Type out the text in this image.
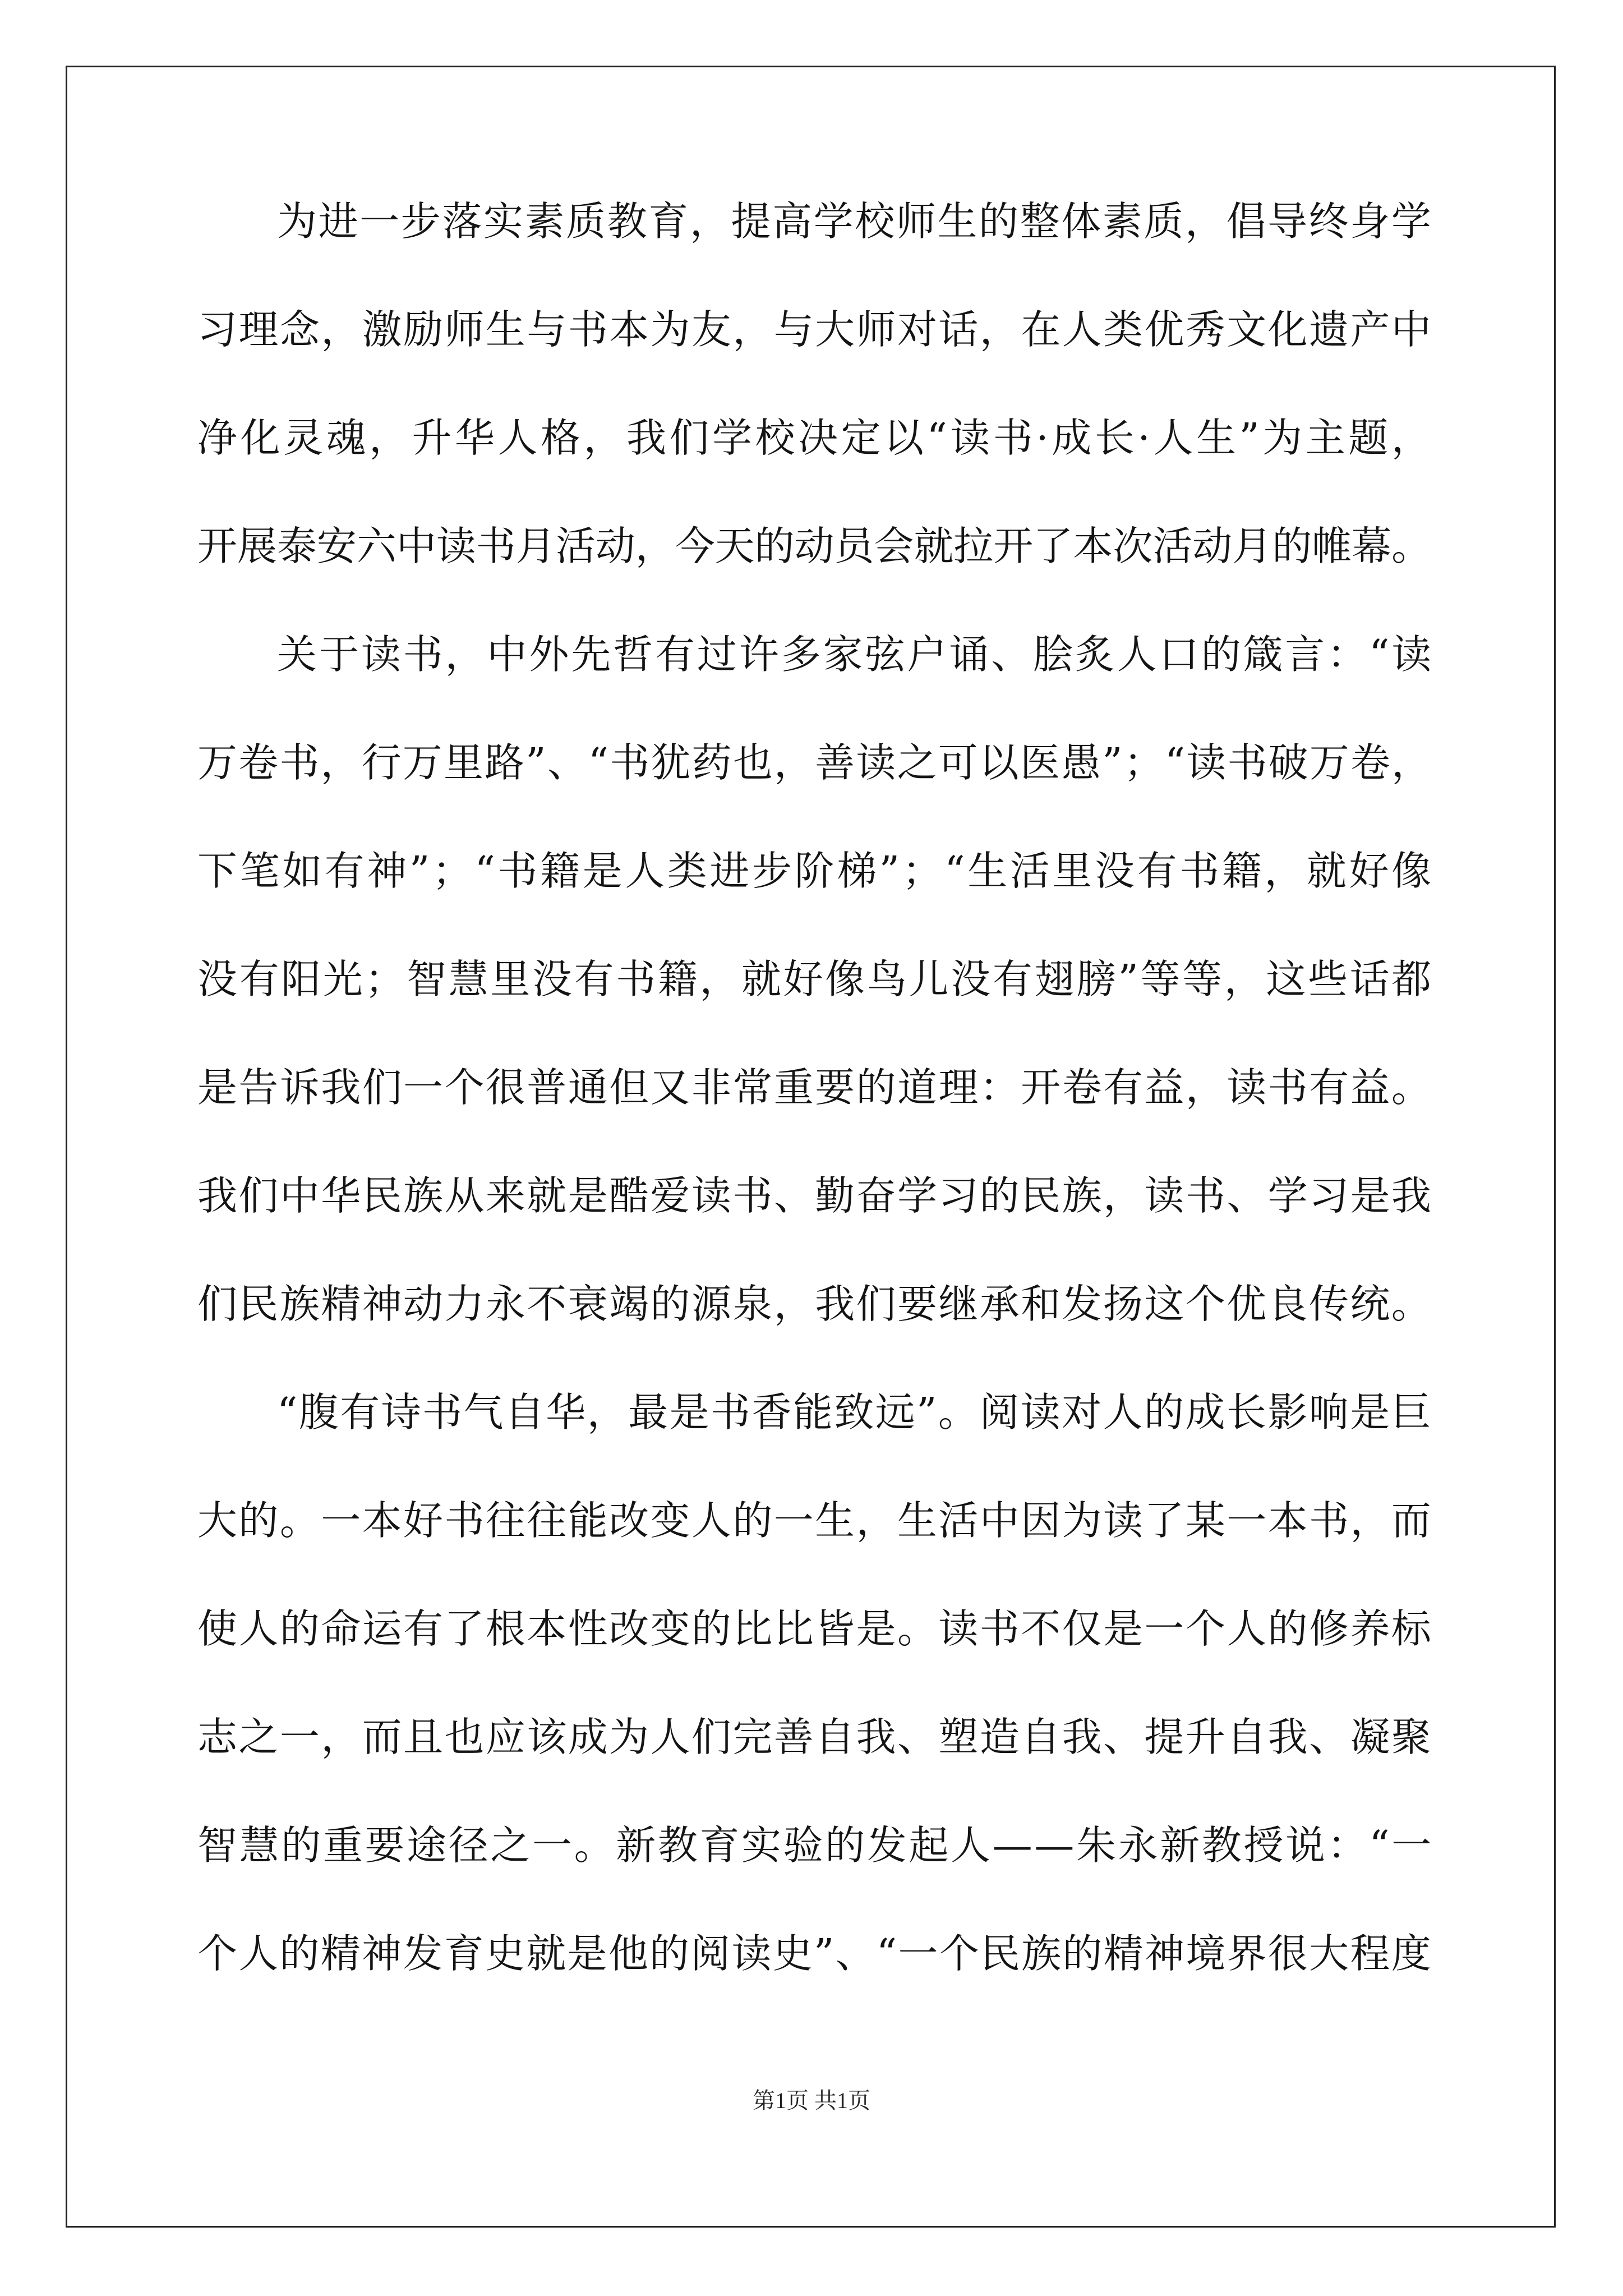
为进一步落实素质教育，提高学校师生的整体素质，倡导终身学
习理念，激励师生与书本为友，与大师对话，在人类优秀文化遗产中
净化灵魂，升华人格，我们学校决定以“读书·成长·人生”为主题，
开展泰安六中读书月活动，今天的动员会就拉开了本次活动月的帷幕。
关于读书，中外先哲有过许多家弦户诵、脍炙人口的箴言：“读
万卷书，行万里路”、“书犹药也，善读之可以医愚”；“读书破万卷，
下笔如有神”；“书籍是人类进步阶梯”；“生活里没有书籍，就好像
没有阳光；智慧里没有书籍，就好像鸟儿没有翅膀”等等，这些话都
是告诉我们一个很普通但又非常重要的道理：开卷有益，读书有益。
我们中华民族从来就是酷爱读书、勤奋学习的民族，读书、学习是我
们民族精神动力永不衰竭的源泉，我们要继承和发扬这个优良传统。
“腹有诗书气自华，最是书香能致远”。阅读对人的成长影响是巨
大的。一本好书往往能改变人的一生，生活中因为读了某一本书，而
使人的命运有了根本性改变的比比皆是。读书不仅是一个人的修养标
志之一，而且也应该成为人们完善自我、塑造自我、提升自我、凝聚
智慧的重要途径之一。新教育实验的发起人——朱永新教授说：“一
个人的精神发育史就是他的阅读史”、“一个民族的精神境界很大程度
第1页 共1页
